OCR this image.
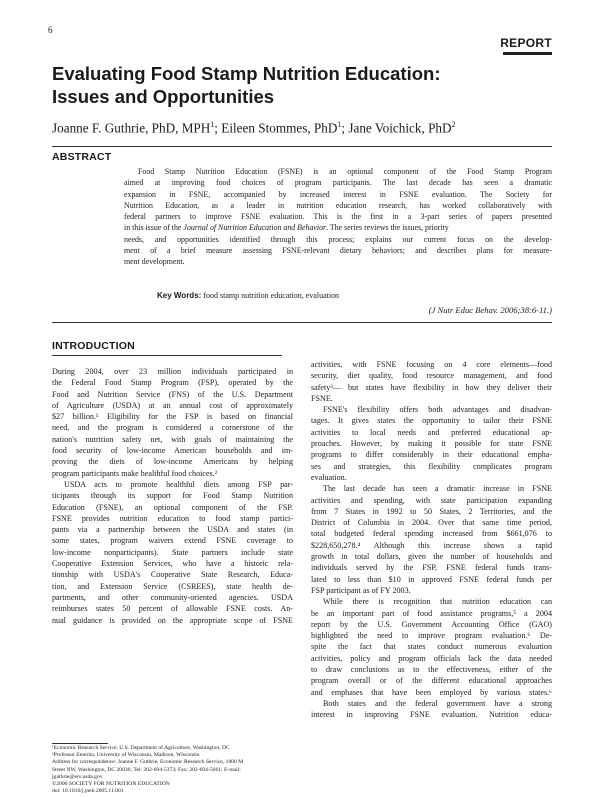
6
REPORT
Evaluating Food Stamp Nutrition Education:
Issues and Opportunities
Joanne F. Guthrie, PhD, MPH$^1$; Eileen Stommes, PhD$^1$; Jane Voichick, PhD$^2$
ABSTRACT
Food Stamp Nutrition Education (FSNE) is an optional component of the Food Stamp Program
aimed at improving food choices of program participants. The last decade has seen a dramatic
expansion in FSNE, accompanied by increased interest in FSNE evaluation. The Society for
Nutrition Education, as a leader in nutrition education research, has worked collaboratively with
federal partners to improve FSNE evaluation. This is the first in a 3-part series of papers presented
in this issue of the Journal of Nutrition Education and Behavior. The series reviews the issues, priority
needs, and opportunities identified through this process; explains our current focus on the develop-
ment of a brief measure assessing FSNE-relevant dietary behaviors; and describes plans for measure-
ment development.
Key Words: food stamp nutrition education, evaluation
(J Nutr Educ Behav. 2006;38:6-11.)
INTRODUCTION
During 2004, over 23 million individuals participated in
the Federal Food Stamp Program (FSP), operated by the
Food and Nutrition Service (FNS) of the U.S. Department
of Agriculture (USDA) at an annual cost of approximately
$27 billion.¹ Eligibility for the FSP is based on financial
need, and the program is considered a cornerstone of the
nation's nutrition safety net, with goals of maintaining the
food security of low-income American households and im-
proving the diets of low-income Americans by helping
program participants make healthful food choices.²
USDA acts to promote healthful diets among FSP par-
ticipants through its support for Food Stamp Nutrition
Education (FSNE), an optional component of the FSP.
FSNE provides nutrition education to food stamp partici-
pants via a partnership between the USDA and states (in
some states, program waivers extend FSNE coverage to
low-income nonparticipants). State partners include state
Cooperative Extension Services, who have a historic rela-
tionship with USDA's Cooperative State Research, Educa-
tion, and Extension Service (CSREES), state health de-
partments, and other community-oriented agencies. USDA
reimburses states 50 percent of allowable FSNE costs. An-
nual guidance is provided on the appropriate scope of FSNE
activities, with FSNE focusing on 4 core elements—food
security, diet quality, food resource management, and food
safety³— but states have flexibility in how they deliver their
FSNE.
FSNE's flexibility offers both advantages and disadvan-
tages. It gives states the opportunity to tailor their FSNE
activities to local needs and preferred educational ap-
proaches. However, by making it possible for state FSNE
programs to differ considerably in their educational empha-
ses and strategies, this flexibility complicates program
evaluation.
The last decade has seen a dramatic increase in FSNE
activities and spending, with state participation expanding
from 7 States in 1992 to 50 States, 2 Territories, and the
District of Columbia in 2004. Over that same time period,
total budgeted federal spending increased from $661,076 to
$228,650,278.⁴ Although this increase shows a rapid
growth in total dollars, given the number of households and
individuals served by the FSP, FSNE federal funds trans-
lated to less than $10 in approved FSNE federal funds per
FSP participant as of FY 2003.
While there is recognition that nutrition education can
be an important part of food assistance programs,⁵ a 2004
report by the U.S. Government Accounting Office (GAO)
highlighted the need to improve program evaluation.⁶ De-
spite the fact that states conduct numerous evaluation
activities, policy and program officials lack the data needed
to draw conclusions as to the effectiveness, either of the
program overall or of the different educational approaches
and emphases that have been employed by various states.⁶
Both states and the federal government have a strong
interest in improving FSNE evaluation. Nutrition educa-
¹Economic Research Service, U.S. Department of Agriculture, Washington, DC
²Professor Emerita, University of Wisconsin, Madison, Wisconsin
Address for correspondence: Joanne F. Guthrie, Economic Research Service, 1800 M
Street NW, Washington, DC 20036; Tel: 202-694-5373; Fax: 202-694-5661; E-mail:
jguthrie@ers.usda.gov.
©2006 SOCIETY FOR NUTRITION EDUCATION
doi: 10.1016/j.jneb.2005.11.001
